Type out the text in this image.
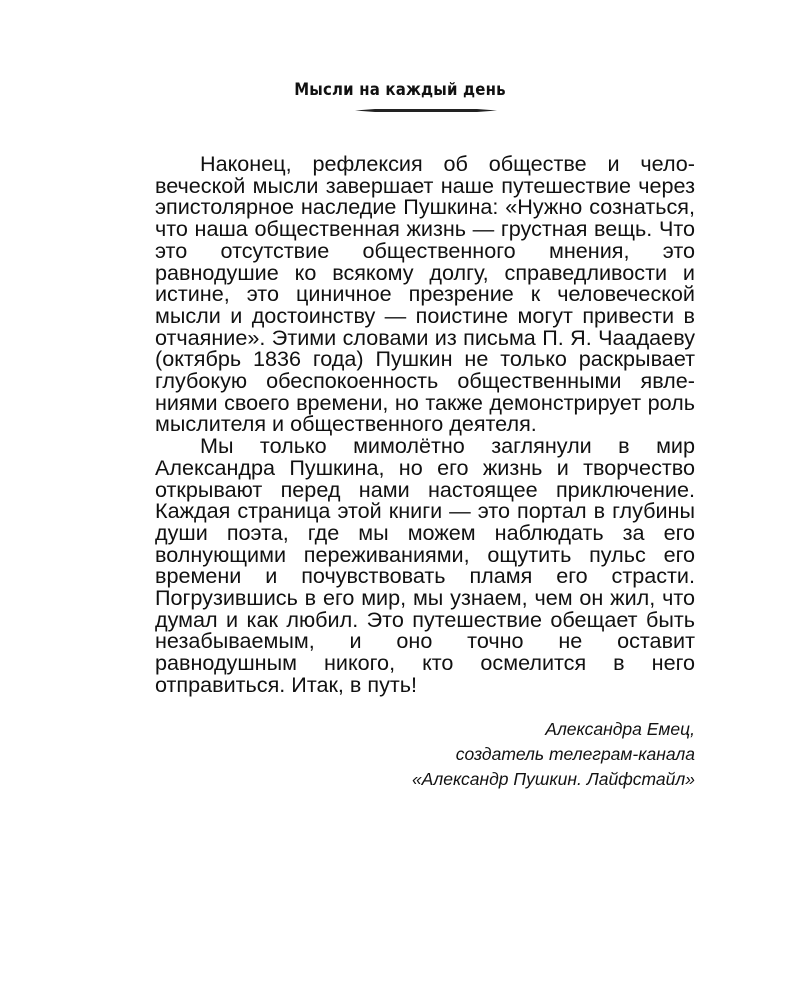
Мысли на каждый день

Наконец, рефлексия об обществе и человеческой мысли завершает наше путешествие через эпистолярное наследие Пушкина: «Нужно сознаться, что наша общественная жизнь — грустная вещь. Что это отсутствие общественного мнения, это равнодушие ко всякому долгу, справедливости и истине, это циничное презрение к человеческой мысли и достоинству — поистине могут привести в отчаяние». Этими словами из письма П. Я. Чаадаеву (октябрь 1836 года) Пушкин не только раскрывает глубокую обеспокоенность общественными явлениями своего времени, но также демонстрирует роль мыслителя и общественного деятеля.

Мы только мимолётно заглянули в мир Александра Пушкина, но его жизнь и творчество открывают перед нами настоящее приключение. Каждая страница этой книги — это портал в глубины души поэта, где мы можем наблюдать за его волнующими переживаниями, ощутить пульс его времени и почувствовать пламя его страсти. Погрузившись в его мир, мы узнаем, чем он жил, что думал и как любил. Это путешествие обещает быть незабываемым, и оно точно не оставит равнодушным никого, кто осмелится в него отправиться. Итак, в путь!

Александра Емец,
создатель телеграм-канала
«Александр Пушкин. Лайфстайл»
